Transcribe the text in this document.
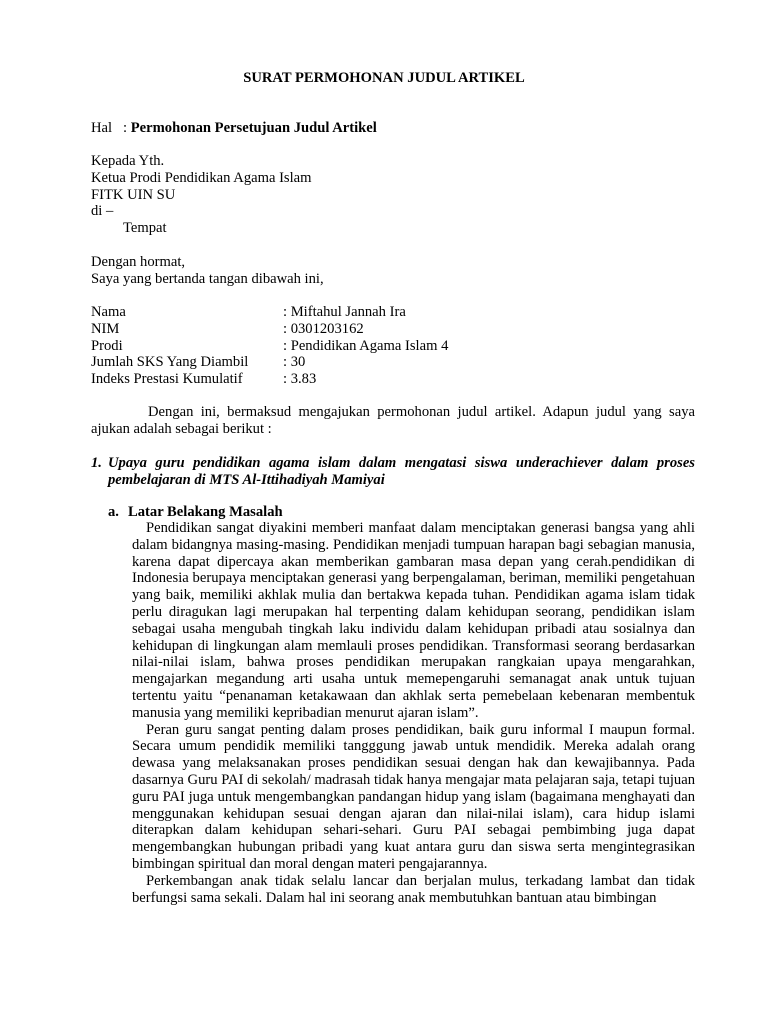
SURAT PERMOHONAN JUDUL ARTIKEL
Hal : Permohonan Persetujuan Judul Artikel
Kepada Yth.
Ketua Prodi Pendidikan Agama Islam
FITK UIN SU
di –
Tempat
Dengan hormat,
Saya yang bertanda tangan dibawah ini,
Nama	: Miftahul Jannah Ira
NIM	: 0301203162
Prodi	: Pendidikan Agama Islam 4
Jumlah SKS Yang Diambil : 30
Indeks Prestasi Kumulatif	: 3.83
Dengan ini, bermaksud mengajukan permohonan judul artikel. Adapun judul yang saya ajukan adalah sebagai berikut :
1. Upaya guru pendidikan agama islam dalam mengatasi siswa underachiever dalam proses pembelajaran di MTS Al-Ittihadiyah Mamiyai
a. Latar Belakang Masalah

Pendidikan sangat diyakini memberi manfaat dalam menciptakan generasi bangsa yang ahli dalam bidangnya masing-masing. Pendidikan menjadi tumpuan harapan bagi sebagian manusia, karena dapat dipercaya akan memberikan gambaran masa depan yang cerah.pendidikan di Indonesia berupaya menciptakan generasi yang berpengalaman, beriman, memiliki pengetahuan yang baik, memiliki akhlak mulia dan bertakwa kepada tuhan. Pendidikan agama islam tidak perlu diragukan lagi merupakan hal terpenting dalam kehidupan seorang, pendidikan islam sebagai usaha mengubah tingkah laku individu dalam kehidupan pribadi atau sosialnya dan kehidupan di lingkungan alam memlauli proses pendidikan. Transformasi seorang berdasarkan nilai-nilai islam, bahwa proses pendidikan merupakan rangkaian upaya mengarahkan, mengajarkan megandung arti usaha untuk memepengaruhi semanagat anak untuk tujuan tertentu yaitu “penanaman ketakawaan dan akhlak serta pemebelaan kebenaran membentuk manusia yang memiliki kepribadian menurut ajaran islam”.

Peran guru sangat penting dalam proses pendidikan, baik guru informal I maupun formal. Secara umum pendidik memiliki tangggung jawab untuk mendidik. Mereka adalah orang dewasa yang melaksanakan proses pendidikan sesuai dengan hak dan kewajibannya. Pada dasarnya Guru PAI di sekolah/ madrasah tidak hanya mengajar mata pelajaran saja, tetapi tujuan guru PAI juga untuk mengembangkan pandangan hidup yang islam (bagaimana menghayati dan menggunakan kehidupan sesuai dengan ajaran dan nilai-nilai islam), cara hidup islami diterapkan dalam kehidupan sehari-sehari. Guru PAI sebagai pembimbing juga dapat mengembangkan hubungan pribadi yang kuat antara guru dan siswa serta mengintegrasikan bimbingan spiritual dan moral dengan materi pengajarannya.

Perkembangan anak tidak selalu lancar dan berjalan mulus, terkadang lambat dan tidak berfungsi sama sekali. Dalam hal ini seorang anak membutuhkan bantuan atau bimbingan
